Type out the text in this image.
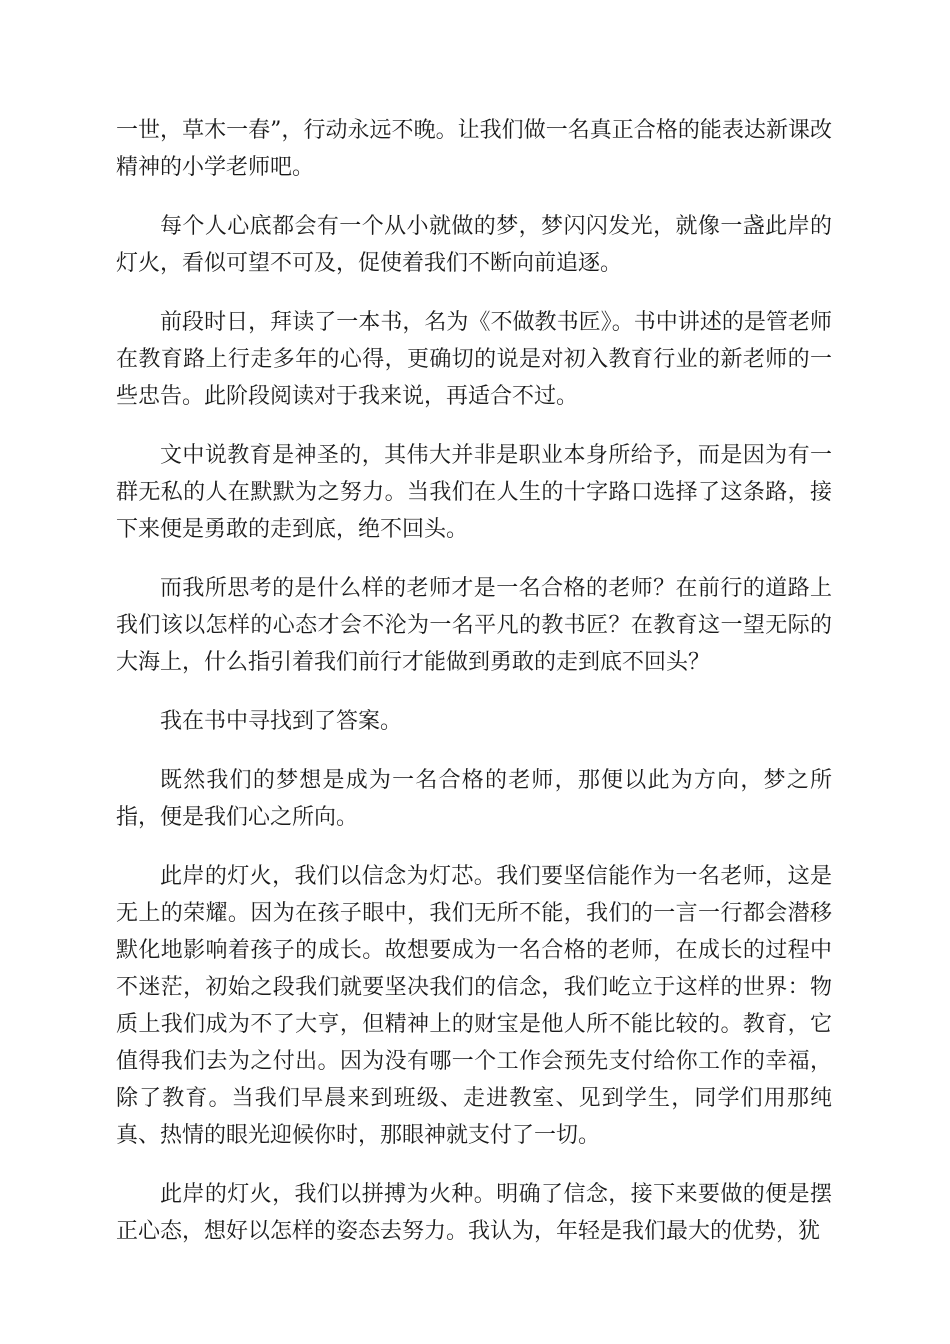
一世，草木一春”，行动永远不晚。让我们做一名真正合格的能表达新课改精神的小学老师吧。

每个人心底都会有一个从小就做的梦，梦闪闪发光，就像一盏此岸的灯火，看似可望不可及，促使着我们不断向前追逐。

前段时日，拜读了一本书，名为《不做教书匠》。书中讲述的是管老师在教育路上行走多年的心得，更确切的说是对初入教育行业的新老师的一些忠告。此阶段阅读对于我来说，再适合不过。

文中说教育是神圣的，其伟大并非是职业本身所给予，而是因为有一群无私的人在默默为之努力。当我们在人生的十字路口选择了这条路，接下来便是勇敢的走到底，绝不回头。

而我所思考的是什么样的老师才是一名合格的老师？在前行的道路上我们该以怎样的心态才会不沦为一名平凡的教书匠？在教育这一望无际的大海上，什么指引着我们前行才能做到勇敢的走到底不回头？

我在书中寻找到了答案。

既然我们的梦想是成为一名合格的老师，那便以此为方向，梦之所指，便是我们心之所向。

此岸的灯火，我们以信念为灯芯。我们要坚信能作为一名老师，这是无上的荣耀。因为在孩子眼中，我们无所不能，我们的一言一行都会潜移默化地影响着孩子的成长。故想要成为一名合格的老师，在成长的过程中不迷茫，初始之段我们就要坚决我们的信念，我们屹立于这样的世界：物质上我们成为不了大亨，但精神上的财宝是他人所不能比较的。教育，它值得我们去为之付出。因为没有哪一个工作会预先支付给你工作的幸福，除了教育。当我们早晨来到班级、走进教室、见到学生，同学们用那纯真、热情的眼光迎候你时，那眼神就支付了一切。

此岸的灯火，我们以拼搏为火种。明确了信念，接下来要做的便是摆正心态，想好以怎样的姿态去努力。我认为，年轻是我们最大的优势，犹
